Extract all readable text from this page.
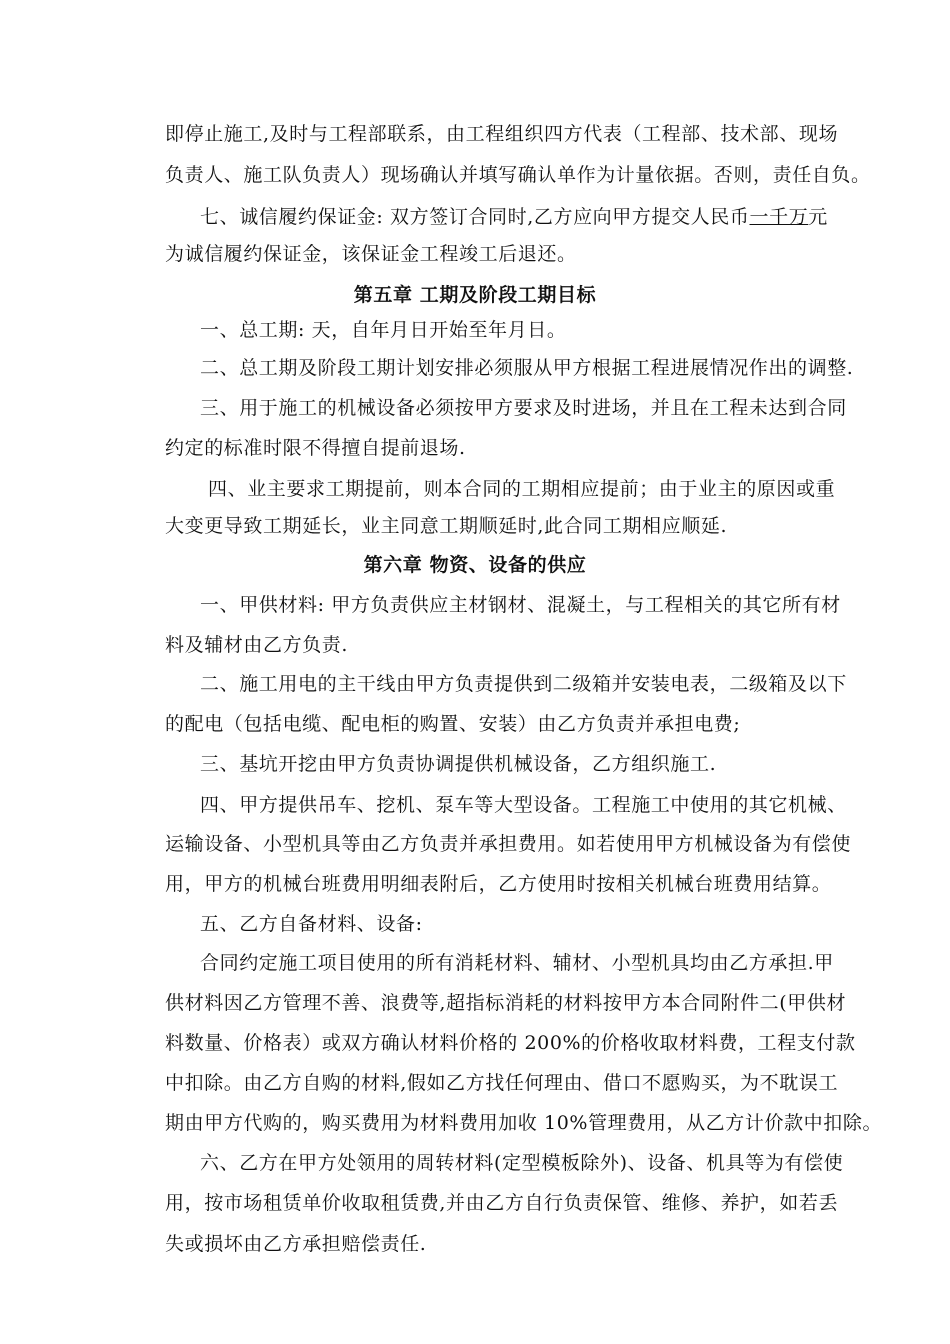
即停止施工,及时与工程部联系，由工程组织四方代表（工程部、技术部、现场
负责人、施工队负责人）现场确认并填写确认单作为计量依据。否则，责任自负。
七、诚信履约保证金: 双方签订合同时,乙方应向甲方提交人民币一千万元
为诚信履约保证金，该保证金工程竣工后退还。
第五章 工期及阶段工期目标
一、总工期: 天，自年月日开始至年月日。
二、总工期及阶段工期计划安排必须服从甲方根据工程进展情况作出的调整.
三、用于施工的机械设备必须按甲方要求及时进场，并且在工程未达到合同
约定的标准时限不得擅自提前退场.
四、业主要求工期提前，则本合同的工期相应提前；由于业主的原因或重
大变更导致工期延长，业主同意工期顺延时,此合同工期相应顺延.
第六章 物资、设备的供应
一、甲供材料: 甲方负责供应主材钢材、混凝土，与工程相关的其它所有材
料及辅材由乙方负责.
二、施工用电的主干线由甲方负责提供到二级箱并安装电表，二级箱及以下
的配电（包括电缆、配电柜的购置、安装）由乙方负责并承担电费;
三、基坑开挖由甲方负责协调提供机械设备，乙方组织施工.
四、甲方提供吊车、挖机、泵车等大型设备。工程施工中使用的其它机械、
运输设备、小型机具等由乙方负责并承担费用。如若使用甲方机械设备为有偿使
用，甲方的机械台班费用明细表附后，乙方使用时按相关机械台班费用结算。
五、乙方自备材料、设备:
合同约定施工项目使用的所有消耗材料、辅材、小型机具均由乙方承担.甲
供材料因乙方管理不善、浪费等,超指标消耗的材料按甲方本合同附件二(甲供材
料数量、价格表）或双方确认材料价格的 200%的价格收取材料费，工程支付款
中扣除。由乙方自购的材料,假如乙方找任何理由、借口不愿购买，为不耽误工
期由甲方代购的，购买费用为材料费用加收 10%管理费用，从乙方计价款中扣除。
六、乙方在甲方处领用的周转材料(定型模板除外)、设备、机具等为有偿使
用，按市场租赁单价收取租赁费,并由乙方自行负责保管、维修、养护，如若丢
失或损坏由乙方承担赔偿责任.
